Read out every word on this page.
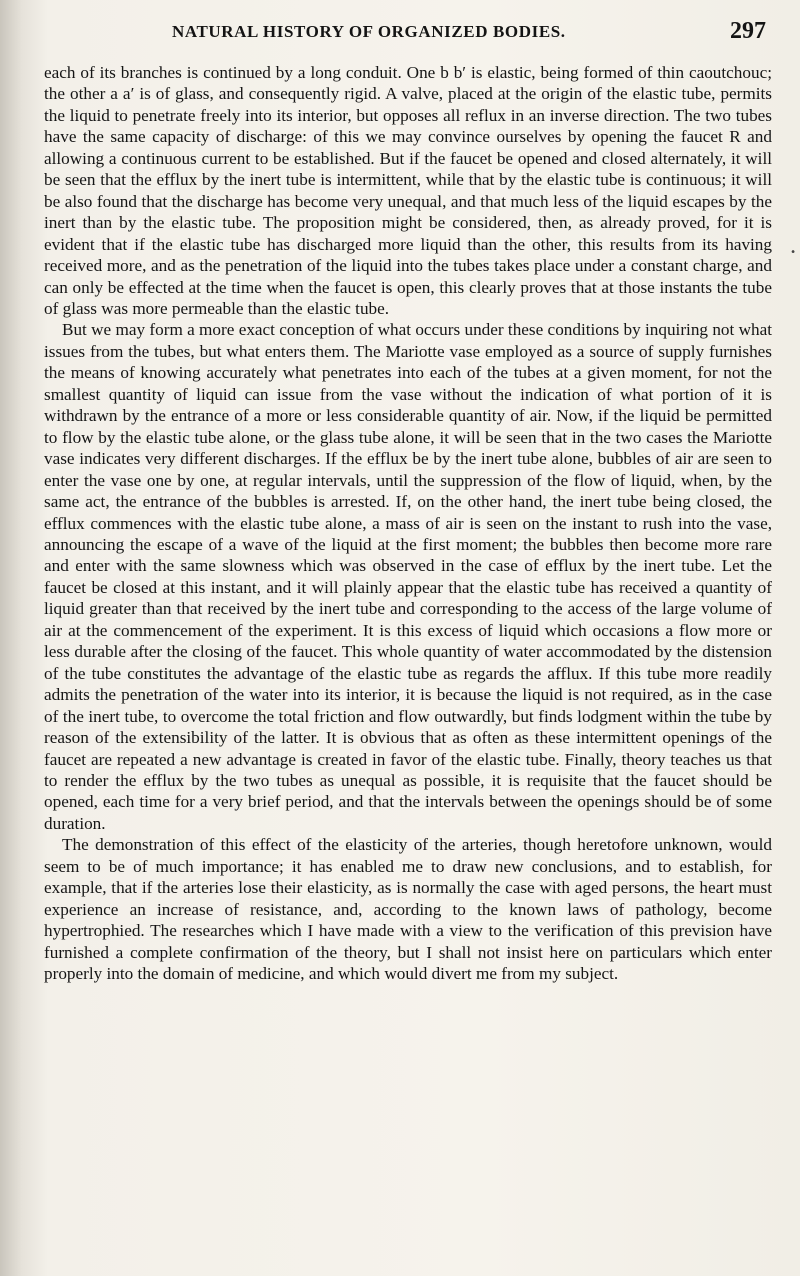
NATURAL HISTORY OF ORGANIZED BODIES.	297

each of its branches is continued by a long conduit. One b b′ is elastic, being formed of thin caoutchouc; the other a a′ is of glass, and consequently rigid. A valve, placed at the origin of the elastic tube, permits the liquid to penetrate freely into its interior, but opposes all reflux in an inverse direction. The two tubes have the same capacity of discharge: of this we may convince ourselves by opening the faucet R and allowing a continuous current to be established. But if the faucet be opened and closed alternately, it will be seen that the efflux by the inert tube is intermittent, while that by the elastic tube is continuous; it will be also found that the discharge has become very unequal, and that much less of the liquid escapes by the inert than by the elastic tube. The proposition might be considered, then, as already proved, for it is evident that if the elastic tube has discharged more liquid than the other, this results from its having received more, and as the penetration of the liquid into the tubes takes place under a constant charge, and can only be effected at the time when the faucet is open, this clearly proves that at those instants the tube of glass was more permeable than the elastic tube.

But we may form a more exact conception of what occurs under these conditions by inquiring not what issues from the tubes, but what enters them. The Mariotte vase employed as a source of supply furnishes the means of knowing accurately what penetrates into each of the tubes at a given moment, for not the smallest quantity of liquid can issue from the vase without the indication of what portion of it is withdrawn by the entrance of a more or less considerable quantity of air. Now, if the liquid be permitted to flow by the elastic tube alone, or the glass tube alone, it will be seen that in the two cases the Mariotte vase indicates very different discharges. If the efflux be by the inert tube alone, bubbles of air are seen to enter the vase one by one, at regular intervals, until the suppression of the flow of liquid, when, by the same act, the entrance of the bubbles is arrested. If, on the other hand, the inert tube being closed, the efflux commences with the elastic tube alone, a mass of air is seen on the instant to rush into the vase, announcing the escape of a wave of the liquid at the first moment; the bubbles then become more rare and enter with the same slowness which was observed in the case of efflux by the inert tube. Let the faucet be closed at this instant, and it will plainly appear that the elastic tube has received a quantity of liquid greater than that received by the inert tube and corresponding to the access of the large volume of air at the commencement of the experiment. It is this excess of liquid which occasions a flow more or less durable after the closing of the faucet. This whole quantity of water accommodated by the distension of the tube constitutes the advantage of the elastic tube as regards the afflux. If this tube more readily admits the penetration of the water into its interior, it is because the liquid is not required, as in the case of the inert tube, to overcome the total friction and flow outwardly, but finds lodgment within the tube by reason of the extensibility of the latter. It is obvious that as often as these intermittent openings of the faucet are repeated a new advantage is created in favor of the elastic tube. Finally, theory teaches us that to render the efflux by the two tubes as unequal as possible, it is requisite that the faucet should be opened, each time for a very brief period, and that the intervals between the openings should be of some duration.

The demonstration of this effect of the elasticity of the arteries, though heretofore unknown, would seem to be of much importance; it has enabled me to draw new conclusions, and to establish, for example, that if the arteries lose their elasticity, as is normally the case with aged persons, the heart must experience an increase of resistance, and, according to the known laws of pathology, become hypertrophied. The researches which I have made with a view to the verification of this prevision have furnished a complete confirmation of the theory, but I shall not insist here on particulars which enter properly into the domain of medicine, and which would divert me from my subject.

•
